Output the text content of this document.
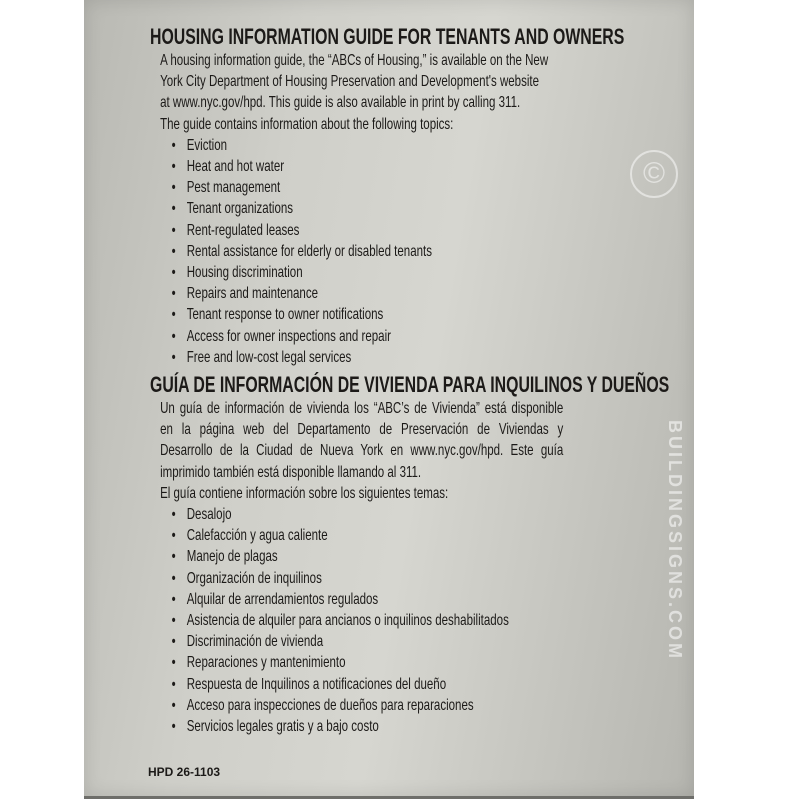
©
HOUSING INFORMATION GUIDE FOR TENANTS AND OWNERS
A housing information guide, the “ABCs of Housing,” is available on the New
York City Department of Housing Preservation and Development's website
at www.nyc.gov/hpd. This guide is also available in print by calling 311.
The guide contains information about the following topics:
• Eviction
• Heat and hot water
• Pest management
• Tenant organizations
• Rent-regulated leases
• Rental assistance for elderly or disabled tenants
• Housing discrimination
• Repairs and maintenance
• Tenant response to owner notifications
• Access for owner inspections and repair
• Free and low-cost legal services
GUÍA DE INFORMACIÓN DE VIVIENDA PARA INQUILINOS Y DUEÑOS
Un guía de información de vivienda los “ABC’s de Vivienda” está disponible
en la página web del Departamento de Preservación de Viviendas y
Desarrollo de la Ciudad de Nueva York en www.nyc.gov/hpd. Este guía
imprimido también está disponible llamando al 311.
El guía contiene información sobre los siguientes temas:
• Desalojo
• Calefacción y agua caliente
• Manejo de plagas
• Organización de inquilinos
• Alquilar de arrendamientos regulados
• Asistencia de alquiler para ancianos o inquilinos deshabilitados
• Discriminación de vivienda
• Reparaciones y mantenimiento
• Respuesta de Inquilinos a notificaciones del dueño
• Acceso para inspecciones de dueños para reparaciones
• Servicios legales gratis y a bajo costo
HPD 26-1103
BUILDINGSIGNS.COM
